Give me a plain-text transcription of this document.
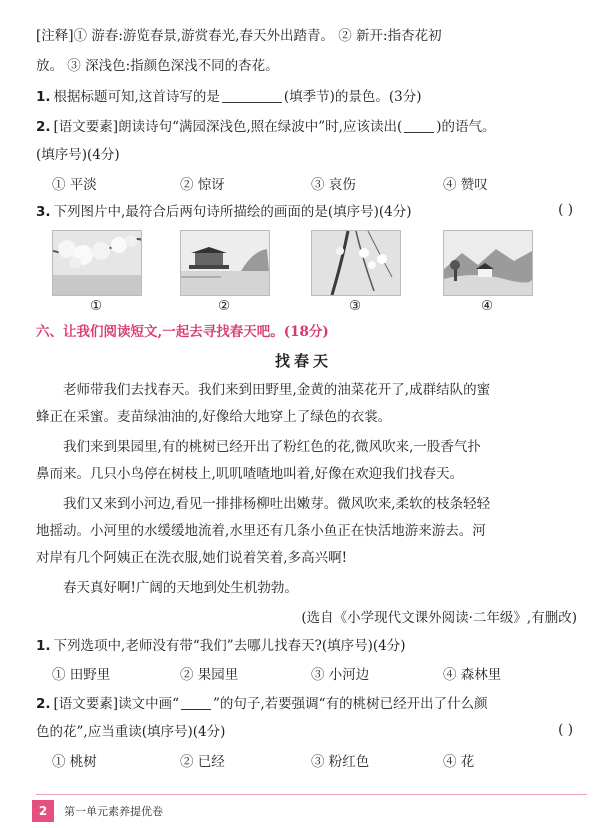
[注释]① 游春:游览春景,游赏春光,春天外出踏青。 ② 新开:指杏花初
放。 ③ 深浅色:指颜色深浅不同的杏花。
1. 根据标题可知,这首诗写的是	(填季节)的景色。(3分)
2. [语文要素]朗读诗句“满园深浅色,照在绿波中”时,应该读出(	)的语气。
(填序号)(4分)
① 平淡	② 惊讶	③ 哀伤	④ 赞叹
3. 下列图片中,最符合后两句诗所描绘的画面的是(填序号)(4分)	( )
①	②	③	④
六、让我们阅读短文,一起去寻找春天吧。(18分)
找春天
老师带我们去找春天。我们来到田野里,金黄的油菜花开了,成群结队的蜜
蜂正在采蜜。麦苗绿油油的,好像给大地穿上了绿色的衣裳。
我们来到果园里,有的桃树已经开出了粉红色的花,微风吹来,一股香气扑
鼻而来。几只小鸟停在树枝上,叽叽喳喳地叫着,好像在欢迎我们找春天。
我们又来到小河边,看见一排排杨柳吐出嫩芽。微风吹来,柔软的枝条轻轻
地摇动。小河里的水缓缓地流着,水里还有几条小鱼正在快活地游来游去。河
对岸有几个阿姨正在洗衣服,她们说着笑着,多高兴啊!
春天真好啊!广阔的天地到处生机勃勃。
(选自《小学现代文课外阅读·二年级》,有删改)
1. 下列选项中,老师没有带“我们”去哪儿找春天?(填序号)(4分)
① 田野里	② 果园里	③ 小河边	④ 森林里
2. [语文要素]读文中画“	”的句子,若要强调“有的桃树已经开出了什么颜
色的花”,应当重读(填序号)(4分)	( )
① 桃树	② 已经	③ 粉红色	④ 花
2	第一单元素养提优卷
